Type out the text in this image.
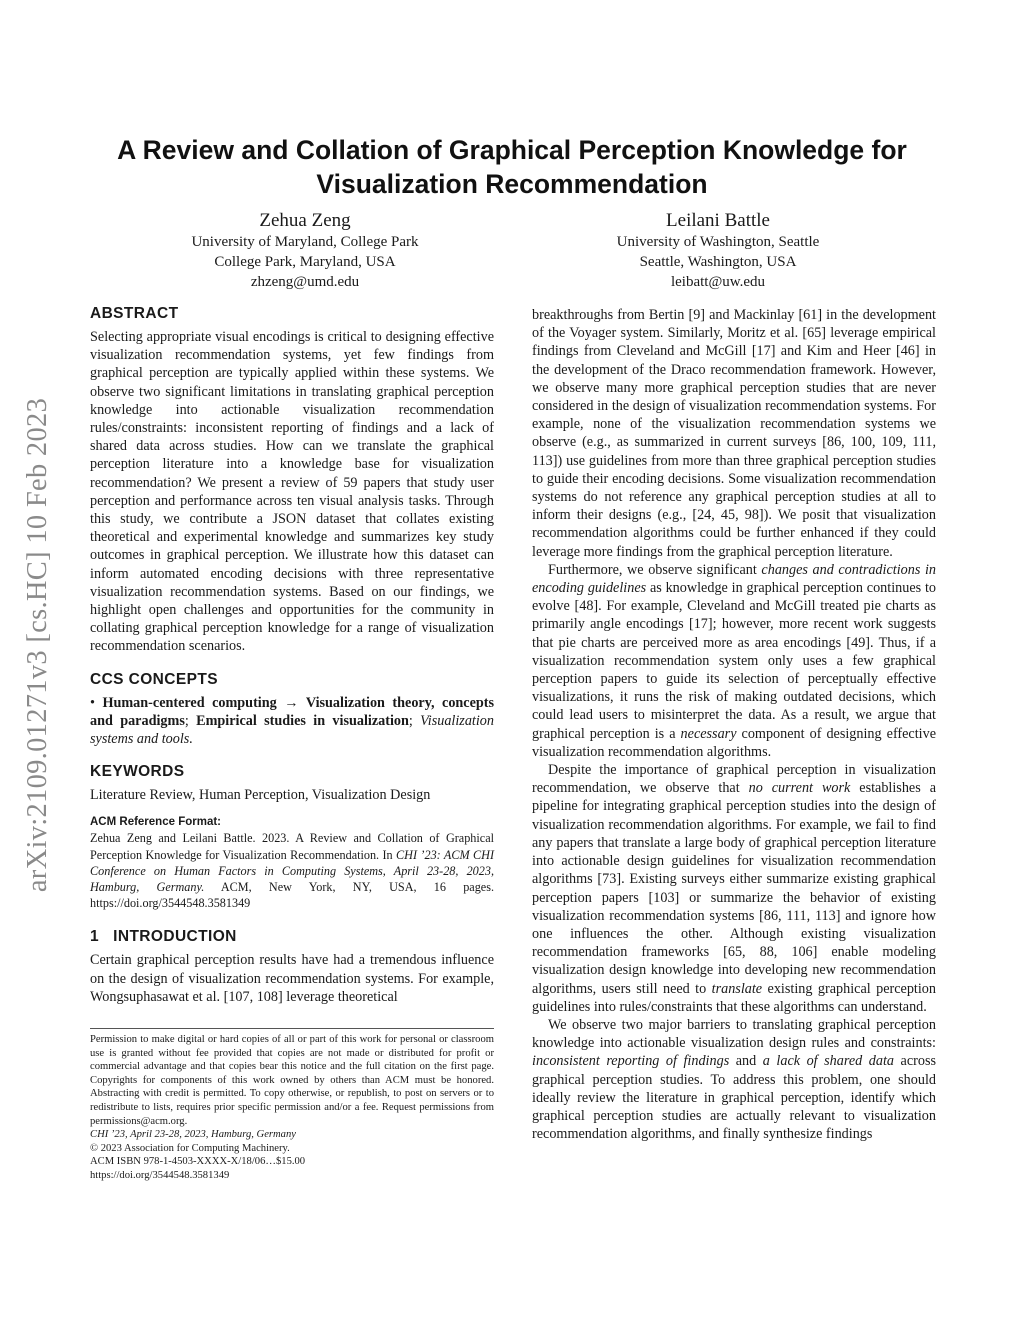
arXiv:2109.01271v3 [cs.HC] 10 Feb 2023
A Review and Collation of Graphical Perception Knowledge for Visualization Recommendation
Zehua Zeng
University of Maryland, College Park
College Park, Maryland, USA
zhzeng@umd.edu
Leilani Battle
University of Washington, Seattle
Seattle, Washington, USA
leibatt@uw.edu
ABSTRACT

Selecting appropriate visual encodings is critical to designing effective visualization recommendation systems, yet few findings from graphical perception are typically applied within these systems. We observe two significant limitations in translating graphical perception knowledge into actionable visualization recommendation rules/constraints: inconsistent reporting of findings and a lack of shared data across studies. How can we translate the graphical perception literature into a knowledge base for visualization recommendation? We present a review of 59 papers that study user perception and performance across ten visual analysis tasks. Through this study, we contribute a JSON dataset that collates existing theoretical and experimental knowledge and summarizes key study outcomes in graphical perception. We illustrate how this dataset can inform automated encoding decisions with three representative visualization recommendation systems. Based on our findings, we highlight open challenges and opportunities for the community in collating graphical perception knowledge for a range of visualization recommendation scenarios.

CCS CONCEPTS

• Human-centered computing → Visualization theory, concepts and paradigms; Empirical studies in visualization; Visualization systems and tools.

KEYWORDS

Literature Review, Human Perception, Visualization Design

ACM Reference Format:

Zehua Zeng and Leilani Battle. 2023. A Review and Collation of Graphical Perception Knowledge for Visualization Recommendation. In CHI ’23: ACM CHI Conference on Human Factors in Computing Systems, April 23-28, 2023, Hamburg, Germany. ACM, New York, NY, USA, 16 pages. https://doi.org/3544548.3581349

1   INTRODUCTION

Certain graphical perception results have had a tremendous influence on the design of visualization recommendation systems. For example, Wongsuphasawat et al. [107, 108] leverage theoretical

Permission to make digital or hard copies of all or part of this work for personal or classroom use is granted without fee provided that copies are not made or distributed for profit or commercial advantage and that copies bear this notice and the full citation on the first page. Copyrights for components of this work owned by others than ACM must be honored. Abstracting with credit is permitted. To copy otherwise, or republish, to post on servers or to redistribute to lists, requires prior specific permission and/or a fee. Request permissions from permissions@acm.org.

CHI ’23, April 23-28, 2023, Hamburg, Germany

© 2023 Association for Computing Machinery.

ACM ISBN 978-1-4503-XXXX-X/18/06…$15.00

https://doi.org/3544548.3581349

breakthroughs from Bertin [9] and Mackinlay [61] in the development of the Voyager system. Similarly, Moritz et al. [65] leverage empirical findings from Cleveland and McGill [17] and Kim and Heer [46] in the development of the Draco recommendation framework. However, we observe many more graphical perception studies that are never considered in the design of visualization recommendation systems. For example, none of the visualization recommendation systems we observe (e.g., as summarized in current surveys [86, 100, 109, 111, 113]) use guidelines from more than three graphical perception studies to guide their encoding decisions. Some visualization recommendation systems do not reference any graphical perception studies at all to inform their designs (e.g., [24, 45, 98]). We posit that visualization recommendation algorithms could be further enhanced if they could leverage more findings from the graphical perception literature.

Furthermore, we observe significant changes and contradictions in encoding guidelines as knowledge in graphical perception continues to evolve [48]. For example, Cleveland and McGill treated pie charts as primarily angle encodings [17]; however, more recent work suggests that pie charts are perceived more as area encodings [49]. Thus, if a visualization recommendation system only uses a few graphical perception papers to guide its selection of perceptually effective visualizations, it runs the risk of making outdated decisions, which could lead users to misinterpret the data. As a result, we argue that graphical perception is a necessary component of designing effective visualization recommendation algorithms.

Despite the importance of graphical perception in visualization recommendation, we observe that no current work establishes a pipeline for integrating graphical perception studies into the design of visualization recommendation algorithms. For example, we fail to find any papers that translate a large body of graphical perception literature into actionable design guidelines for visualization recommendation algorithms [73]. Existing surveys either summarize existing graphical perception papers [103] or summarize the behavior of existing visualization recommendation systems [86, 111, 113] and ignore how one influences the other. Although existing visualization recommendation frameworks [65, 88, 106] enable modeling visualization design knowledge into developing new recommendation algorithms, users still need to translate existing graphical perception guidelines into rules/constraints that these algorithms can understand.

We observe two major barriers to translating graphical perception knowledge into actionable visualization design rules and constraints: inconsistent reporting of findings and a lack of shared data across graphical perception studies. To address this problem, one should ideally review the literature in graphical perception, identify which graphical perception studies are actually relevant to visualization recommendation algorithms, and finally synthesize findings
